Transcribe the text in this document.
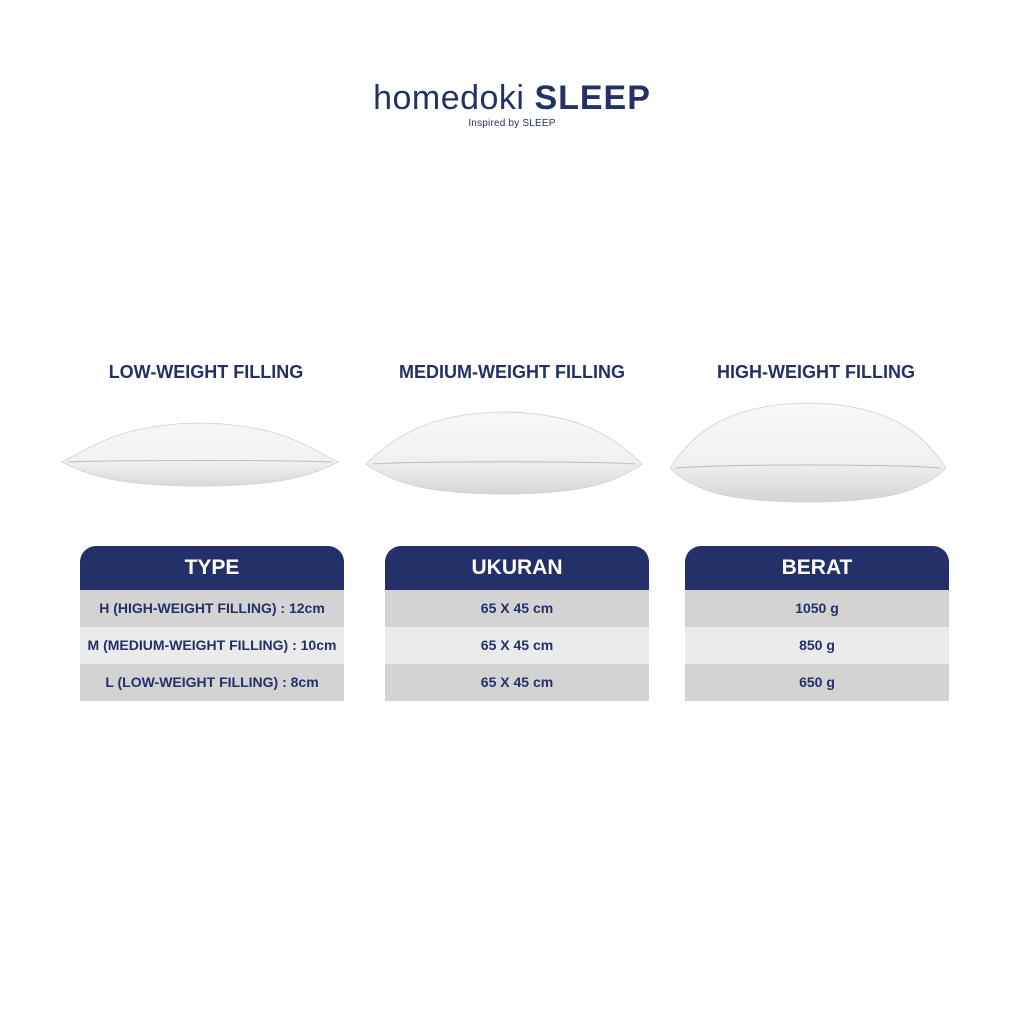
homedoki SLEEP
Inspired by SLEEP
LOW-WEIGHT FILLING	MEDIUM-WEIGHT FILLING	HIGH-WEIGHT FILLING
TYPE
H (HIGH-WEIGHT FILLING) : 12cm
M (MEDIUM-WEIGHT FILLING) : 10cm
L (LOW-WEIGHT FILLING) : 8cm
UKURAN
65 X 45 cm
65 X 45 cm
65 X 45 cm
BERAT
1050 g
850 g
650 g
